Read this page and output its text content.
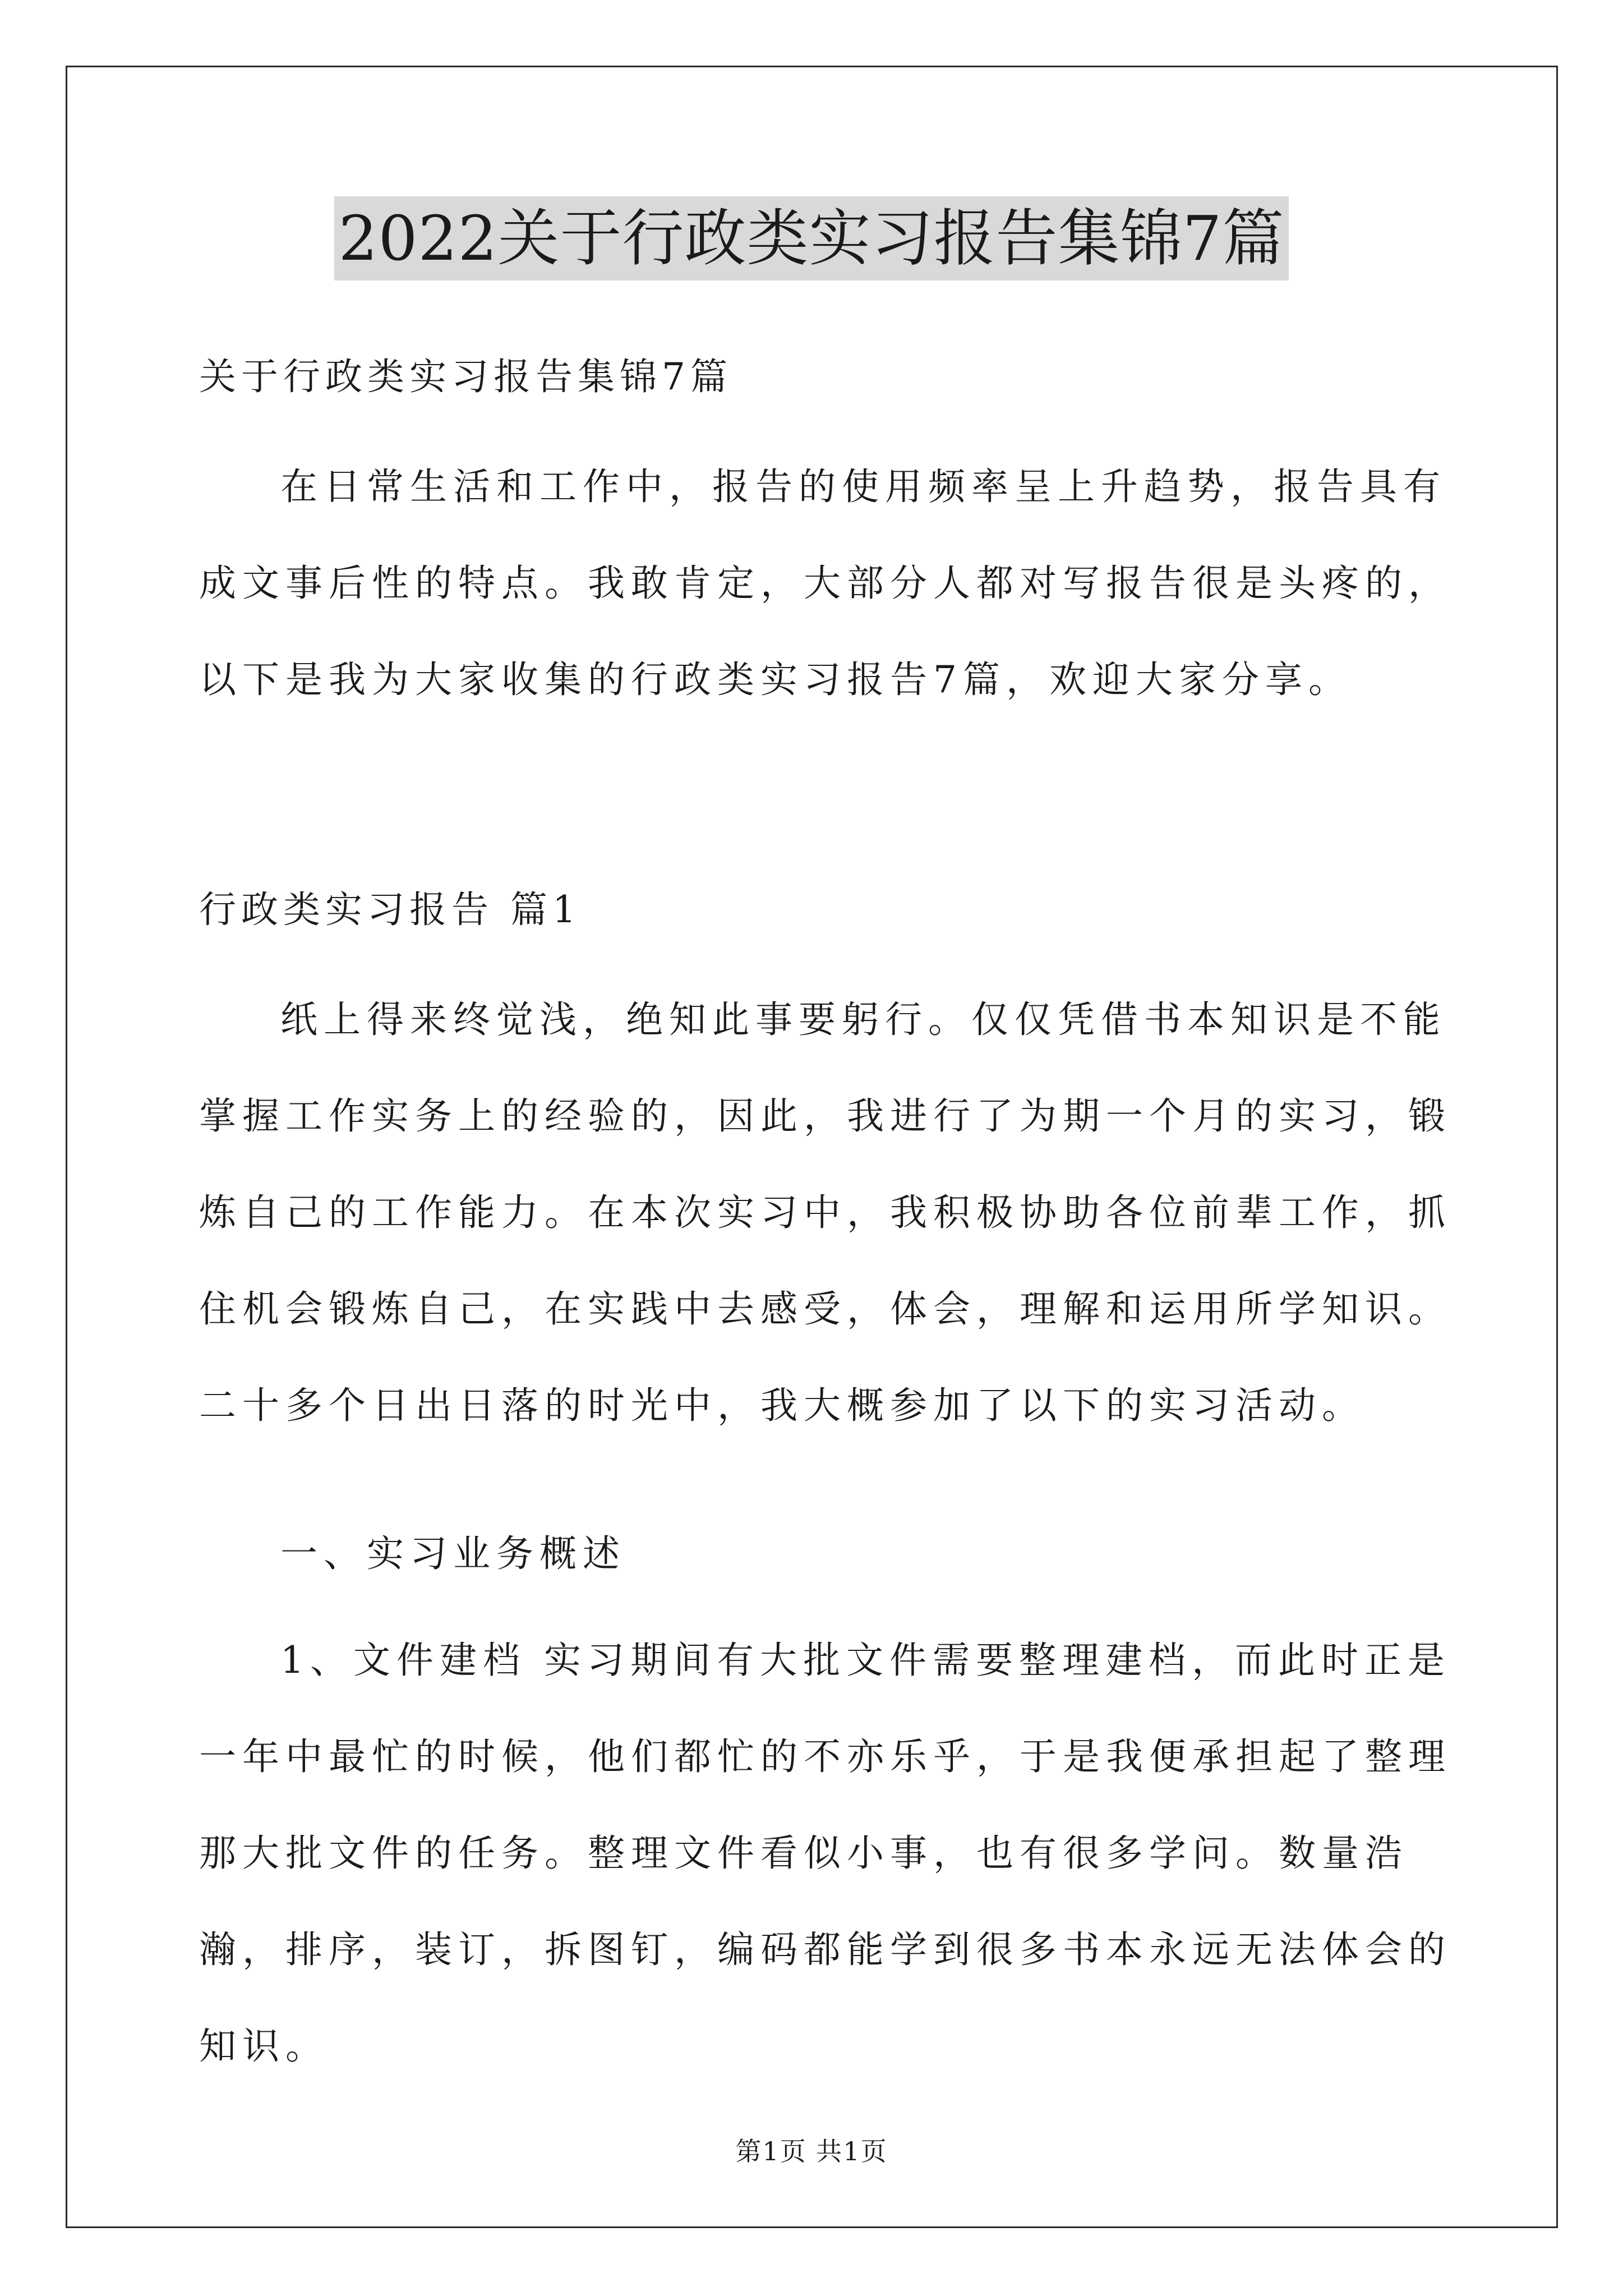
2022关于行政类实习报告集锦7篇
关于行政类实习报告集锦7篇

在日常生活和工作中，报告的使用频率呈上升趋势，报告具有成文事后性的特点。我敢肯定，大部分人都对写报告很是头疼的，以下是我为大家收集的行政类实习报告7篇，欢迎大家分享。

行政类实习报告 篇1

纸上得来终觉浅，绝知此事要躬行。仅仅凭借书本知识是不能掌握工作实务上的经验的，因此，我进行了为期一个月的实习，锻炼自己的工作能力。在本次实习中，我积极协助各位前辈工作，抓住机会锻炼自己，在实践中去感受，体会，理解和运用所学知识。二十多个日出日落的时光中，我大概参加了以下的实习活动。

一、实习业务概述

1、文件建档 实习期间有大批文件需要整理建档，而此时正是一年中最忙的时候，他们都忙的不亦乐乎，于是我便承担起了整理那大批文件的任务。整理文件看似小事，也有很多学问。数量浩瀚，排序，装订，拆图钉，编码都能学到很多书本永远无法体会的知识。

第1页 共1页
